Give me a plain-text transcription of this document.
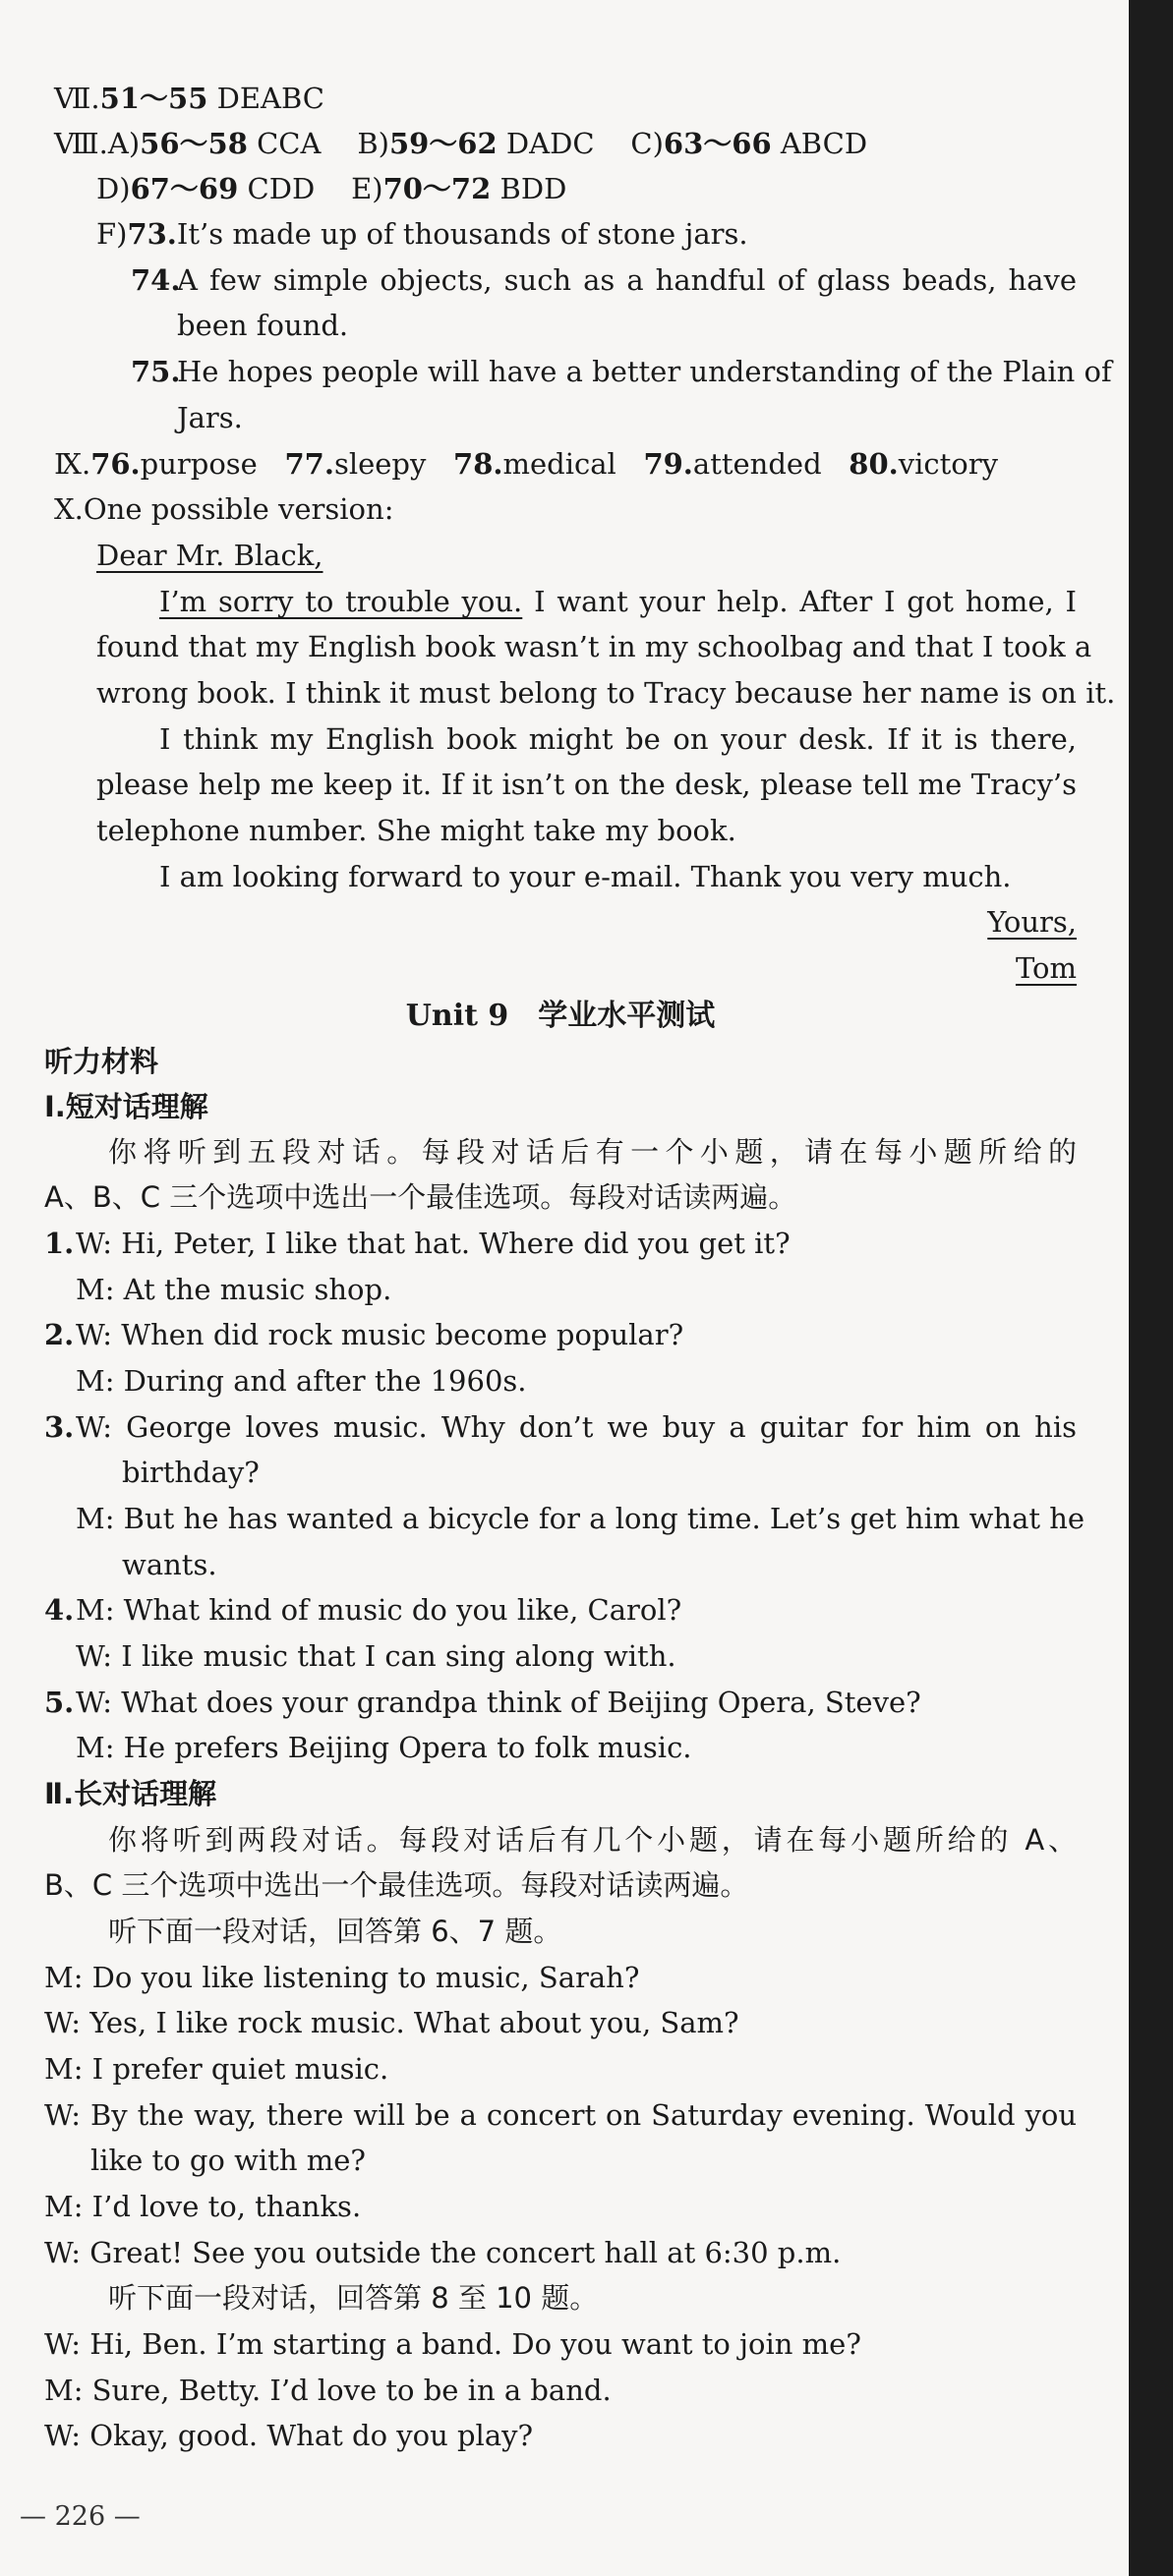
Ⅶ.51～55 DEABC
Ⅷ.A)56～58 CCA B)59～62 DADC C)63～66 ABCD
D)67～69 CDD E)70～72 BDD
F)73.It’s made up of thousands of stone jars.
74.
A few simple objects, such as a handful of glass beads, have
been found.
75.
He hopes people will have a better understanding of the Plain of
Jars.
Ⅸ.76.purpose 77.sleepy 78.medical 79.attended 80.victory
Ⅹ.One possible version:
Dear Mr. Black,
I’m sorry to trouble you. I want your help. After I got home, I
found that my English book wasn’t in my schoolbag and that I took a
wrong book. I think it must belong to Tracy because her name is on it.
I think my English book might be on your desk. If it is there,
please help me keep it. If it isn’t on the desk, please tell me Tracy’s
telephone number. She might take my book.
I am looking forward to your e-mail. Thank you very much.
Yours,
Tom
Unit 9　学业水平测试
听力材料
Ⅰ.短对话理解
你将听到五段对话。每段对话后有一个小题，请在每小题所给的
A、B、C 三个选项中选出一个最佳选项。每段对话读两遍。
1. W: Hi, Peter, I like that hat. Where did you get it?
M: At the music shop.
2. W: When did rock music become popular?
M: During and after the 1960s.
3. W: George loves music. Why don’t we buy a guitar for him on his
birthday?
M: But he has wanted a bicycle for a long time. Let’s get him what he
wants.
4. M: What kind of music do you like, Carol?
W: I like music that I can sing along with.
5. W: What does your grandpa think of Beijing Opera, Steve?
M: He prefers Beijing Opera to folk music.
Ⅱ.长对话理解
你将听到两段对话。每段对话后有几个小题，请在每小题所给的 A、
B、C 三个选项中选出一个最佳选项。每段对话读两遍。
听下面一段对话，回答第 6、7 题。
M: Do you like listening to music, Sarah?
W: Yes, I like rock music. What about you, Sam?
M: I prefer quiet music.
W: By the way, there will be a concert on Saturday evening. Would you
like to go with me?
M: I’d love to, thanks.
W: Great! See you outside the concert hall at 6:30 p.m.
听下面一段对话，回答第 8 至 10 题。
W: Hi, Ben. I’m starting a band. Do you want to join me?
M: Sure, Betty. I’d love to be in a band.
W: Okay, good. What do you play?
— 226 —
